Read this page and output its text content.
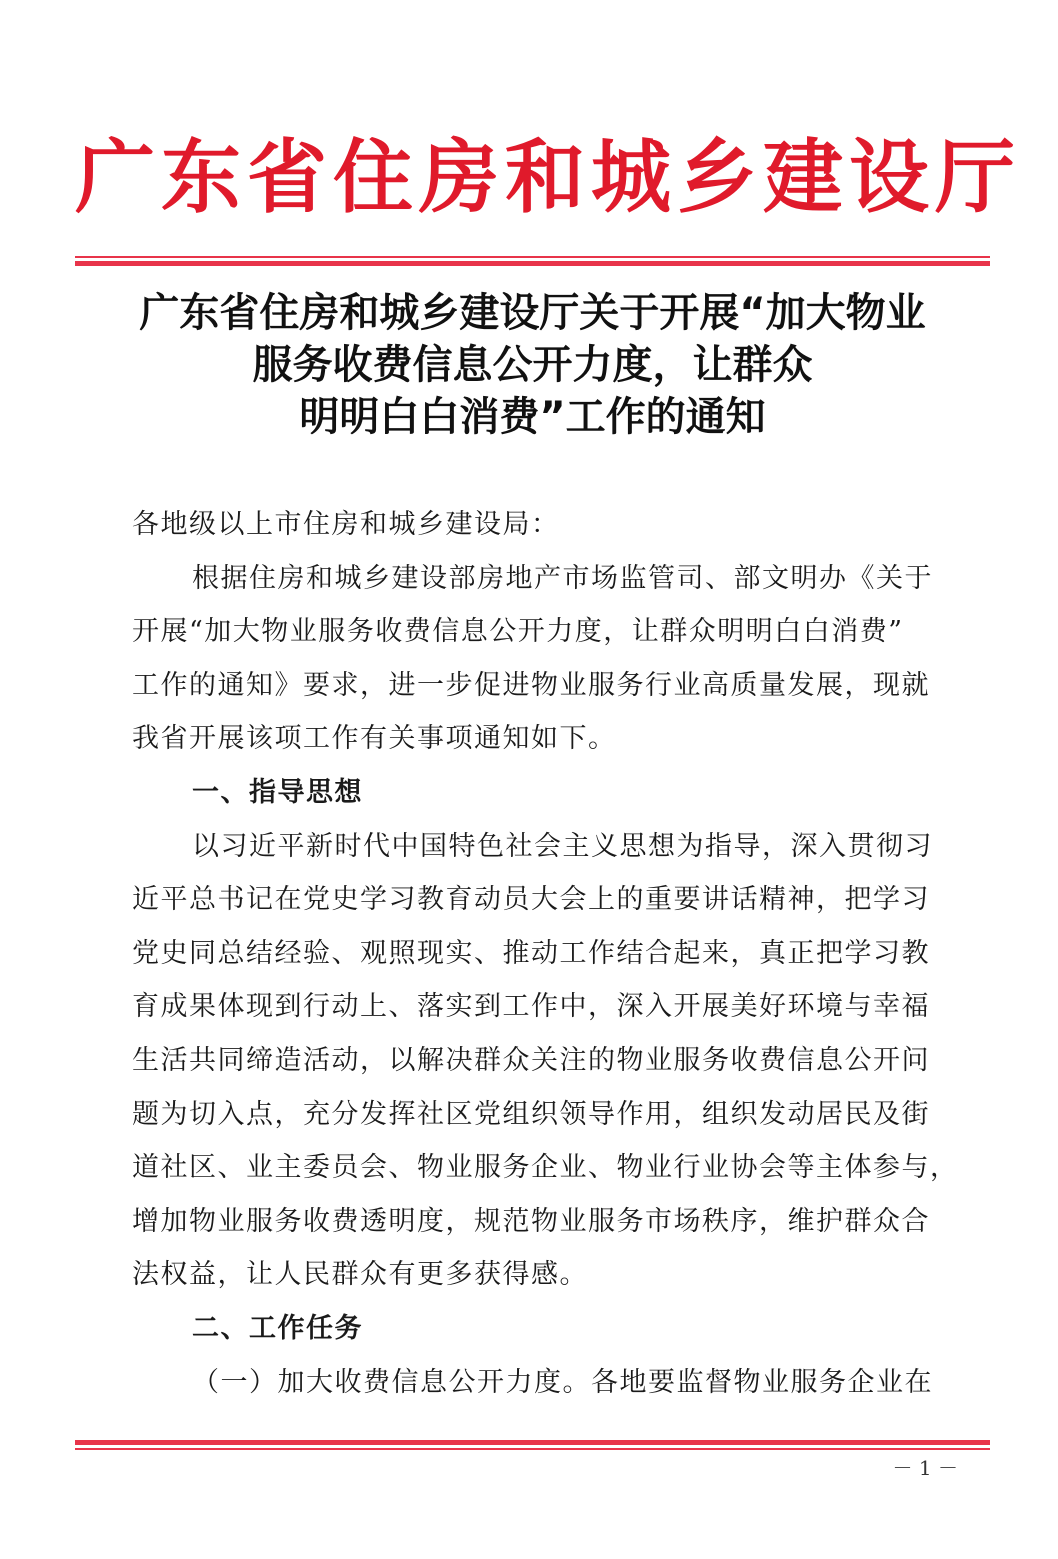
广东省住房和城乡建设厅
广东省住房和城乡建设厅关于开展“加大物业
服务收费信息公开力度，让群众
明明白白消费”工作的通知
各地级以上市住房和城乡建设局：
根据住房和城乡建设部房地产市场监管司、部文明办《关于
开展“加大物业服务收费信息公开力度，让群众明明白白消费”
工作的通知》要求，进一步促进物业服务行业高质量发展，现就
我省开展该项工作有关事项通知如下。
一、指导思想
以习近平新时代中国特色社会主义思想为指导，深入贯彻习
近平总书记在党史学习教育动员大会上的重要讲话精神，把学习
党史同总结经验、观照现实、推动工作结合起来，真正把学习教
育成果体现到行动上、落实到工作中，深入开展美好环境与幸福
生活共同缔造活动，以解决群众关注的物业服务收费信息公开问
题为切入点，充分发挥社区党组织领导作用，组织发动居民及街
道社区、业主委员会、物业服务企业、物业行业协会等主体参与，
增加物业服务收费透明度，规范物业服务市场秩序，维护群众合
法权益，让人民群众有更多获得感。
二、工作任务
（一）加大收费信息公开力度。各地要监督物业服务企业在
－ 1 －
